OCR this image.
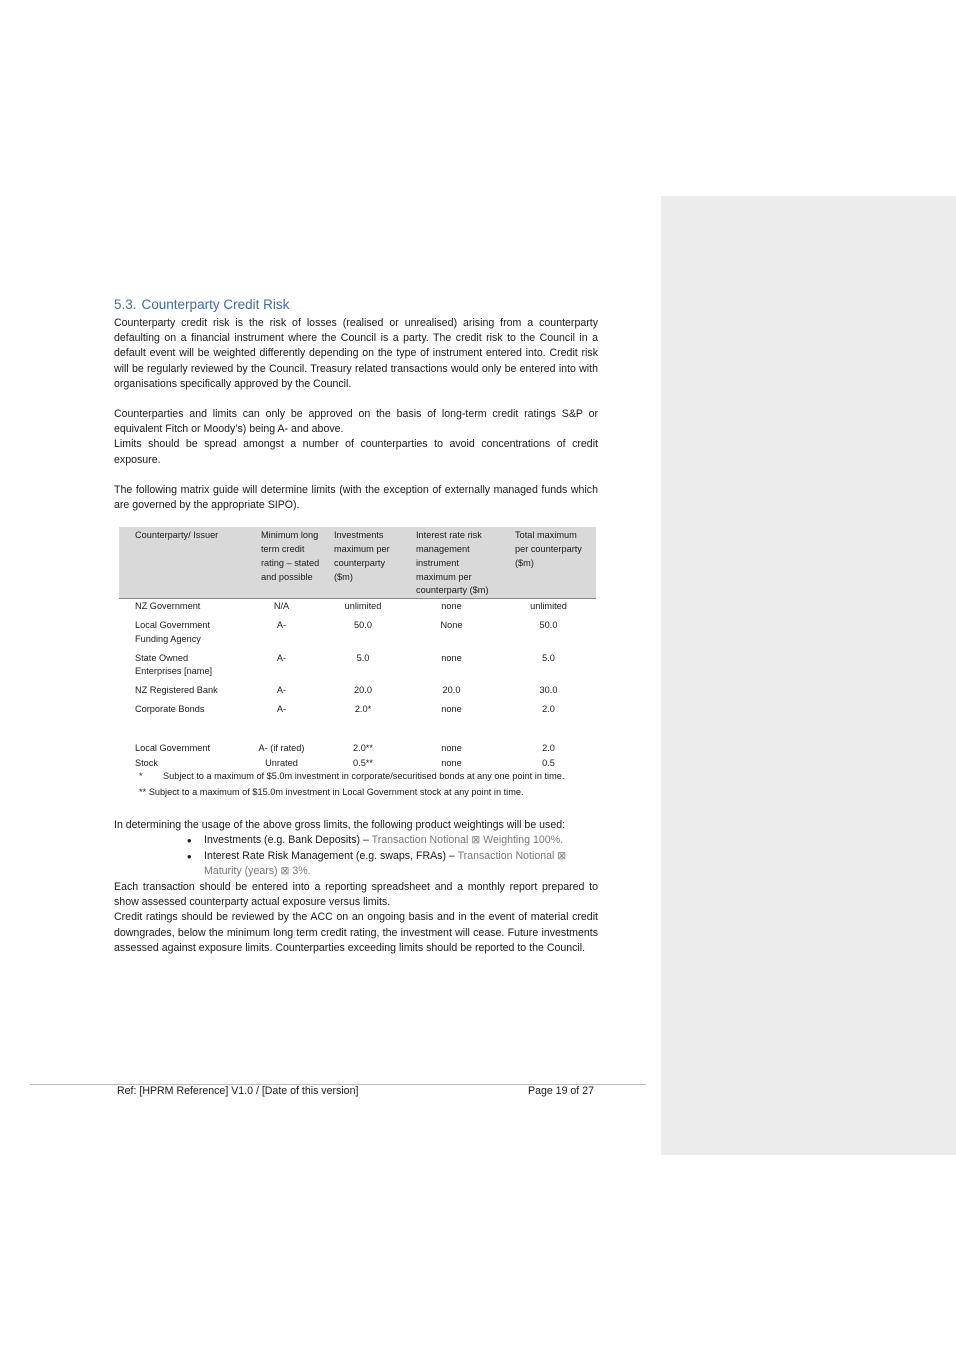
5.3. Counterparty Credit Risk

Counterparty credit risk is the risk of losses (realised or unrealised) arising from a counterparty defaulting on a financial instrument where the Council is a party. The credit risk to the Council in a default event will be weighted differently depending on the type of instrument entered into. Credit risk will be regularly reviewed by the Council. Treasury related transactions would only be entered into with organisations specifically approved by the Council.

Counterparties and limits can only be approved on the basis of long-term credit ratings S&P or equivalent Fitch or Moody’s) being A- and above.

Limits should be spread amongst a number of counterparties to avoid concentrations of credit exposure.

The following matrix guide will determine limits (with the exception of externally managed funds which are governed by the appropriate SIPO).

Counterparty/ Issuer	Minimum long term credit rating – stated and possible	Investments maximum per counterparty ($m)	Interest rate risk management instrument maximum per counterparty ($m)	Total maximum per counterparty ($m)
NZ Government	N/A	unlimited	none	unlimited
Local Government Funding Agency	A-	50.0	None	50.0
State Owned Enterprises [name]	A-	5.0	none	5.0
NZ Registered Bank	A-	20.0	20.0	30.0
Corporate Bonds	A-	2.0*	none	2.0

Local Government	A- (if rated)	2.0**	none	2.0
Stock	Unrated	0.5**	none	0.5
*	Subject to a maximum of $5.0m investment in corporate/securitised bonds at any one point in time.
** Subject to a maximum of $15.0m investment in Local Government stock at any point in time.

In determining the usage of the above gross limits, the following product weightings will be used:

• Investments (e.g. Bank Deposits) – Transaction Notional ⊠ Weighting 100%.
• Interest Rate Risk Management (e.g. swaps, FRAs) – Transaction Notional ⊠ Maturity (years) ⊠ 3%.

Each transaction should be entered into a reporting spreadsheet and a monthly report prepared to show assessed counterparty actual exposure versus limits.

Credit ratings should be reviewed by the ACC on an ongoing basis and in the event of material credit downgrades, below the minimum long term credit rating, the investment will cease. Future investments assessed against exposure limits. Counterparties exceeding limits should be reported to the Council.

Ref: [HPRM Reference] V1.0 / [Date of this version]	Page 19 of 27
